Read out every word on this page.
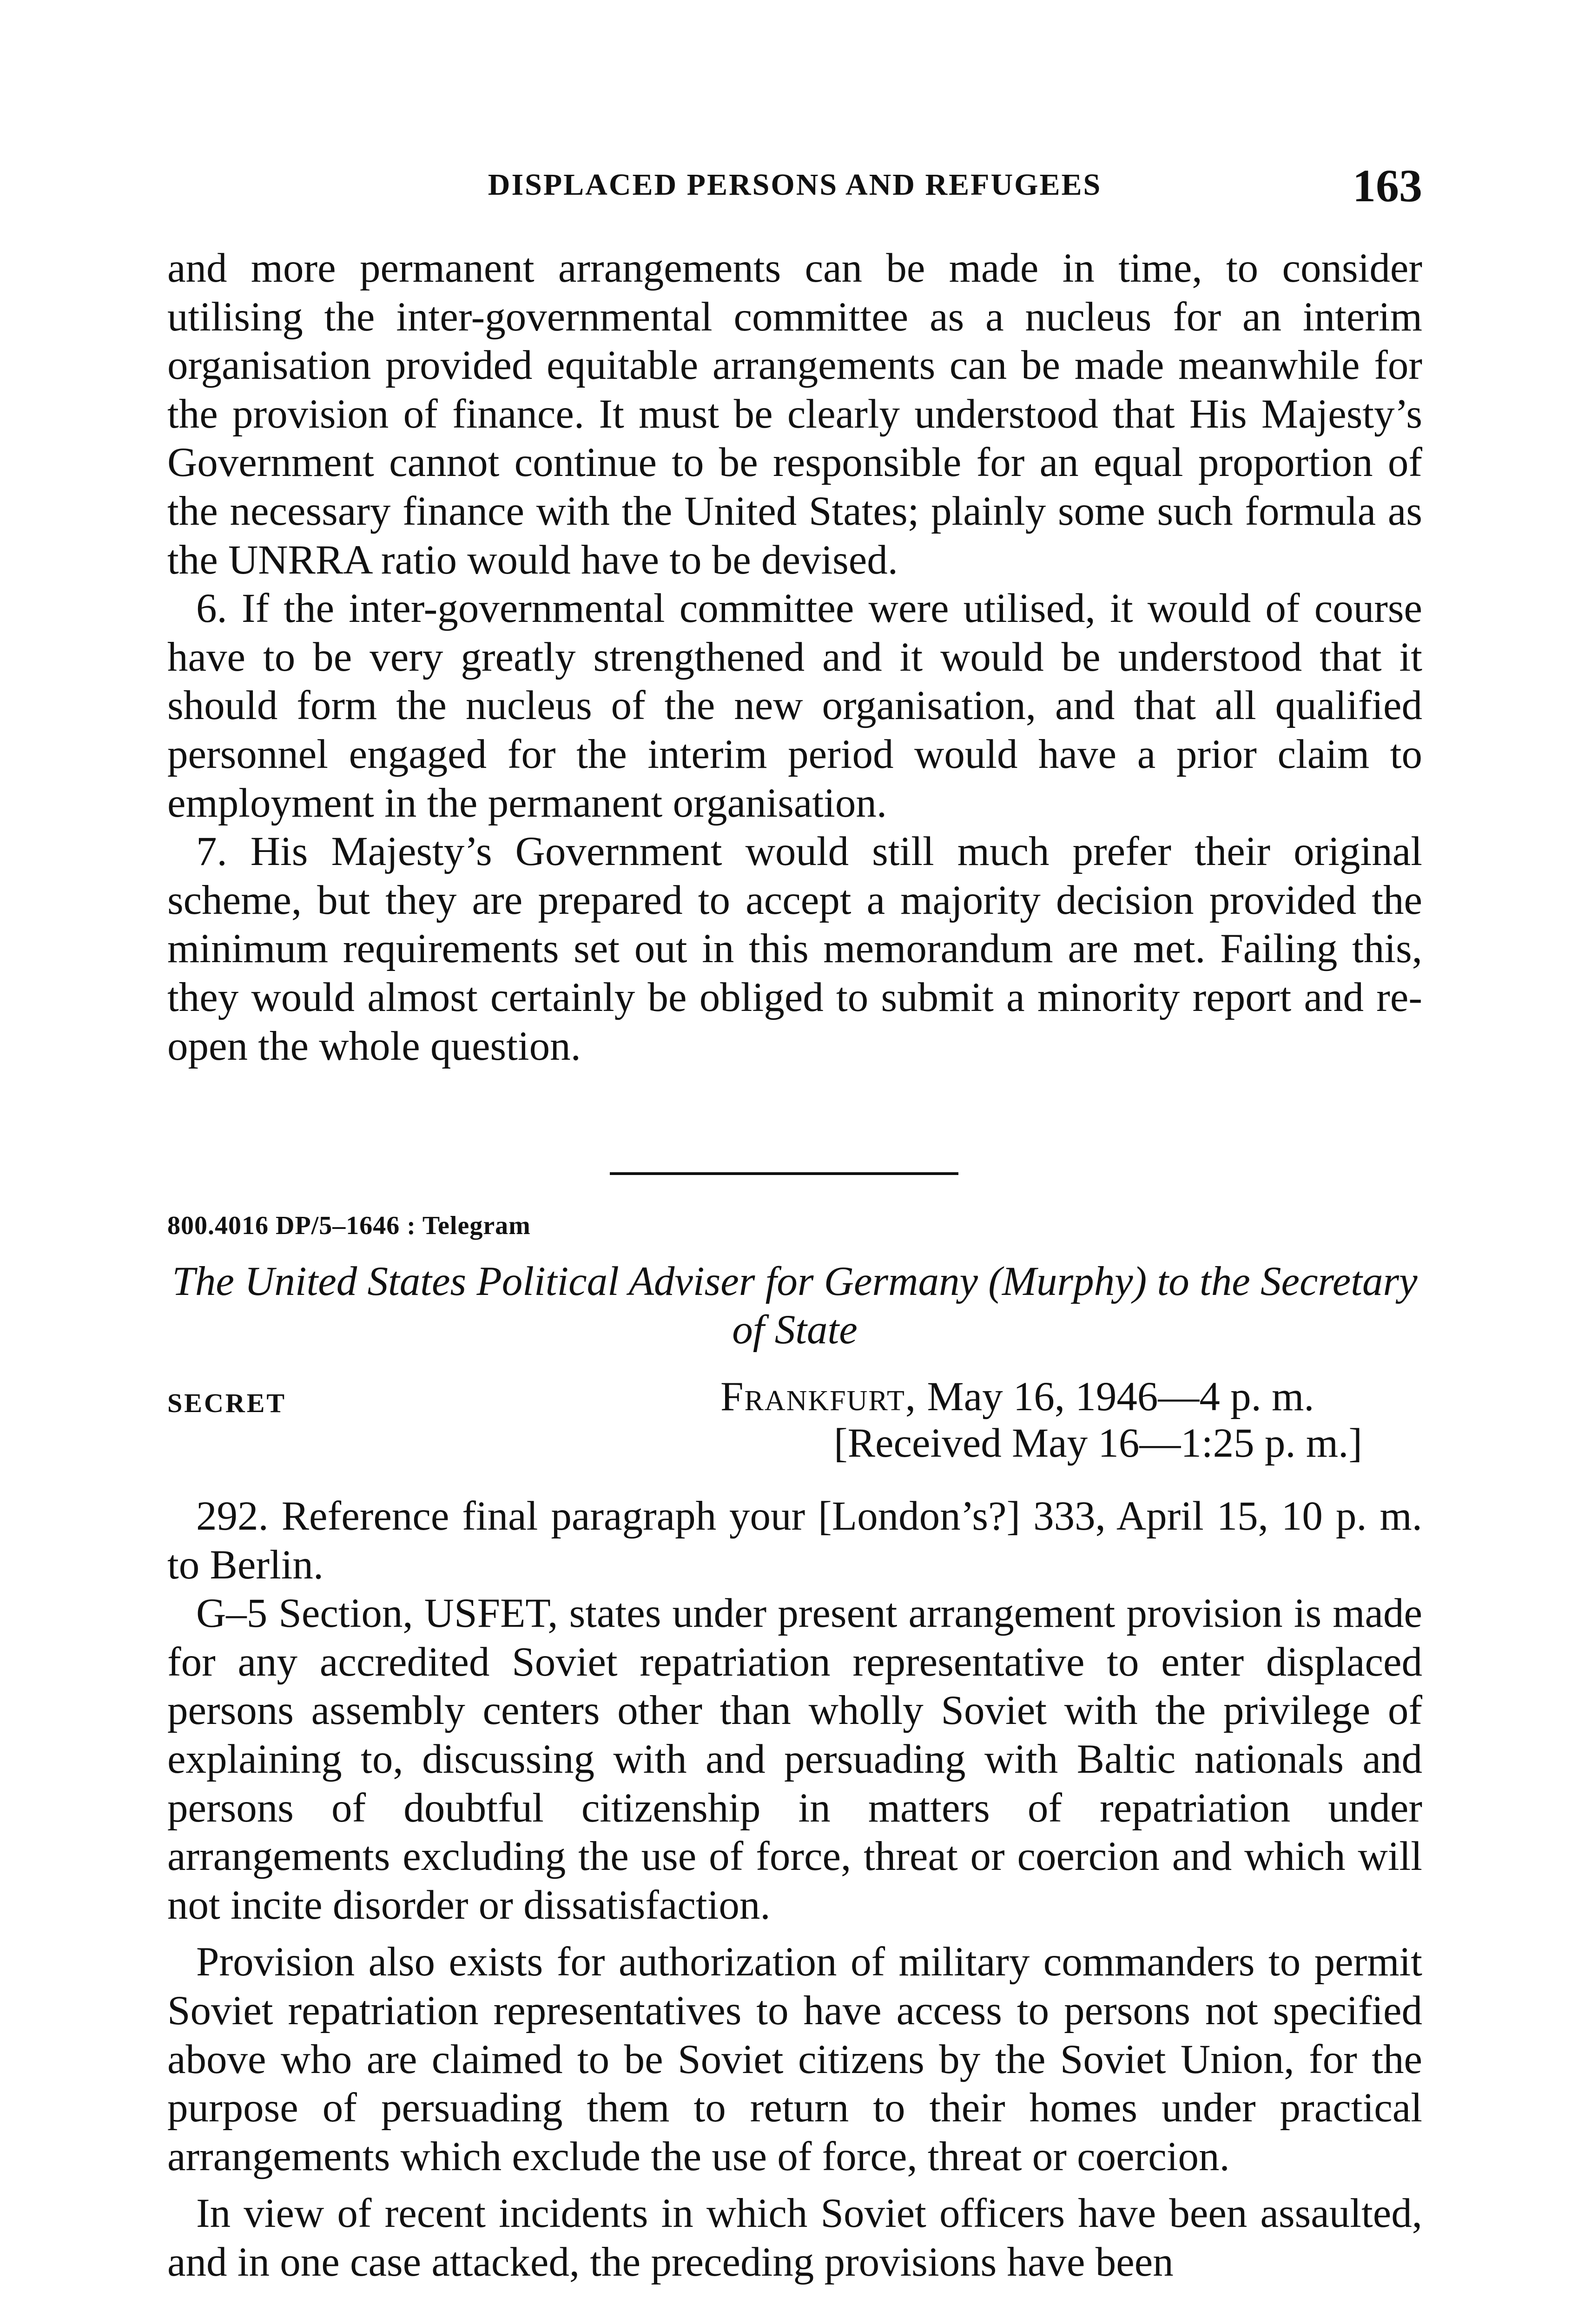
DISPLACED PERSONS AND REFUGEES	163

and more permanent arrangements can be made in time, to consider utilising the inter-governmental committee as a nucleus for an interim organisation provided equitable arrangements can be made meanwhile for the provision of finance. It must be clearly understood that His Majesty’s Government cannot continue to be responsible for an equal proportion of the necessary finance with the United States; plainly some such formula as the UNRRA ratio would have to be devised.

6. If the inter-governmental committee were utilised, it would of course have to be very greatly strengthened and it would be understood that it should form the nucleus of the new organisation, and that all qualified personnel engaged for the interim period would have a prior claim to employment in the permanent organisation.

7. His Majesty’s Government would still much prefer their original scheme, but they are prepared to accept a majority decision provided the minimum requirements set out in this memorandum are met. Failing this, they would almost certainly be obliged to submit a minority report and re-open the whole question.

800.4016 DP/5–1646 : Telegram
The United States Political Adviser for Germany (Murphy) to the Secretary of State
SECRET	Frankfurt, May 16, 1946—4 p. m.
[Received May 16—1:25 p. m.]

292. Reference final paragraph your [London’s?] 333, April 15, 10 p. m. to Berlin.

G–5 Section, USFET, states under present arrangement provision is made for any accredited Soviet repatriation representative to enter displaced persons assembly centers other than wholly Soviet with the privilege of explaining to, discussing with and persuading with Baltic nationals and persons of doubtful citizenship in matters of repatriation under arrangements excluding the use of force, threat or coercion and which will not incite disorder or dissatisfaction.

Provision also exists for authorization of military commanders to permit Soviet repatriation representatives to have access to persons not specified above who are claimed to be Soviet citizens by the Soviet Union, for the purpose of persuading them to return to their homes under practical arrangements which exclude the use of force, threat or coercion.

In view of recent incidents in which Soviet officers have been assaulted, and in one case attacked, the preceding provisions have been
